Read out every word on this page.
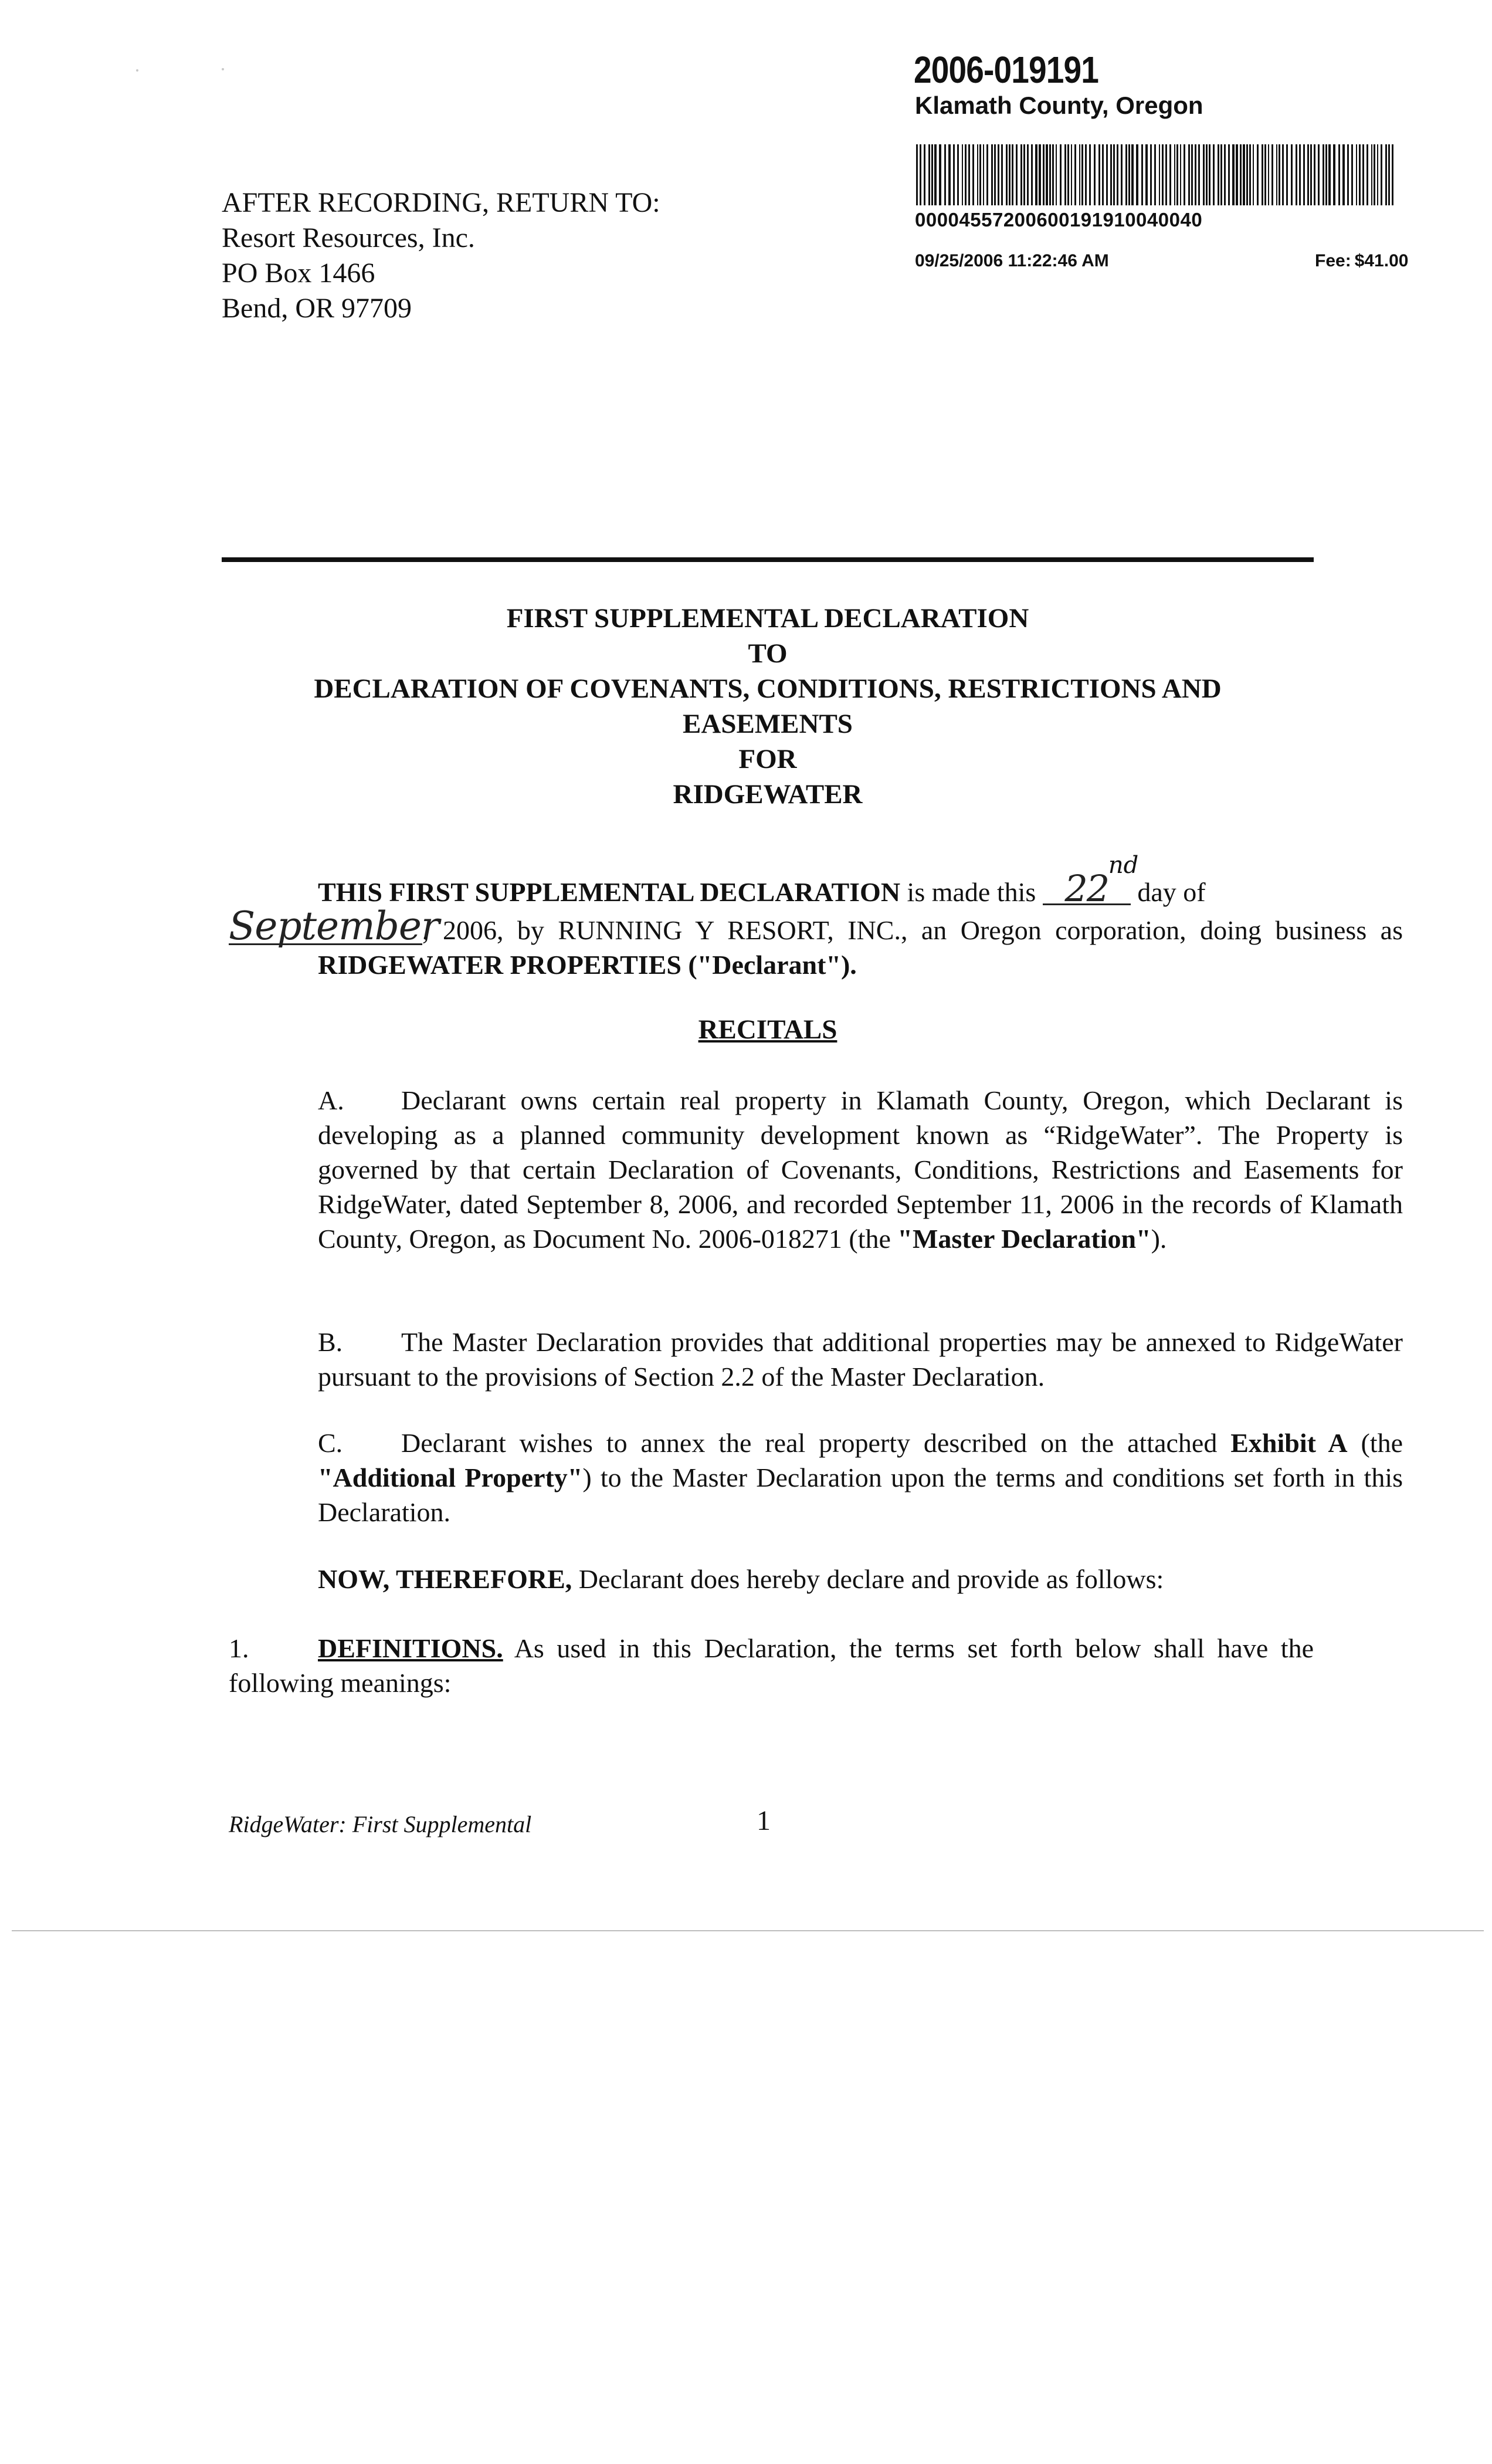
2006-019191
Klamath County, Oregon
00004557200600191910040040
09/25/2006 11:22:46 AM	Fee: $41.00
AFTER RECORDING, RETURN TO:
Resort Resources, Inc.
PO Box 1466
Bend, OR 97709
FIRST SUPPLEMENTAL DECLARATION
TO
DECLARATION OF COVENANTS, CONDITIONS, RESTRICTIONS AND
EASEMENTS
FOR
RIDGEWATER
THIS FIRST SUPPLEMENTAL DECLARATION is made this 22
nd
day of
September, 2006, by RUNNING Y RESORT, INC., an Oregon corporation, doing business as RIDGEWATER PROPERTIES ("Declarant").
RECITALS
A. Declarant owns certain real property in Klamath County, Oregon, which Declarant is developing as a planned community development known as “RidgeWater”. The Property is governed by that certain Declaration of Covenants, Conditions, Restrictions and Easements for RidgeWater, dated September 8, 2006, and recorded September 11, 2006 in the records of Klamath County, Oregon, as Document No. 2006-018271 (the "Master Declaration").
B. The Master Declaration provides that additional properties may be annexed to RidgeWater pursuant to the provisions of Section 2.2 of the Master Declaration.
C. Declarant wishes to annex the real property described on the attached Exhibit A (the "Additional Property") to the Master Declaration upon the terms and conditions set forth in this Declaration.
NOW, THEREFORE, Declarant does hereby declare and provide as follows:
1.	DEFINITIONS. As used in this Declaration, the terms set forth below shall have the following meanings:
RidgeWater: First Supplemental	1
